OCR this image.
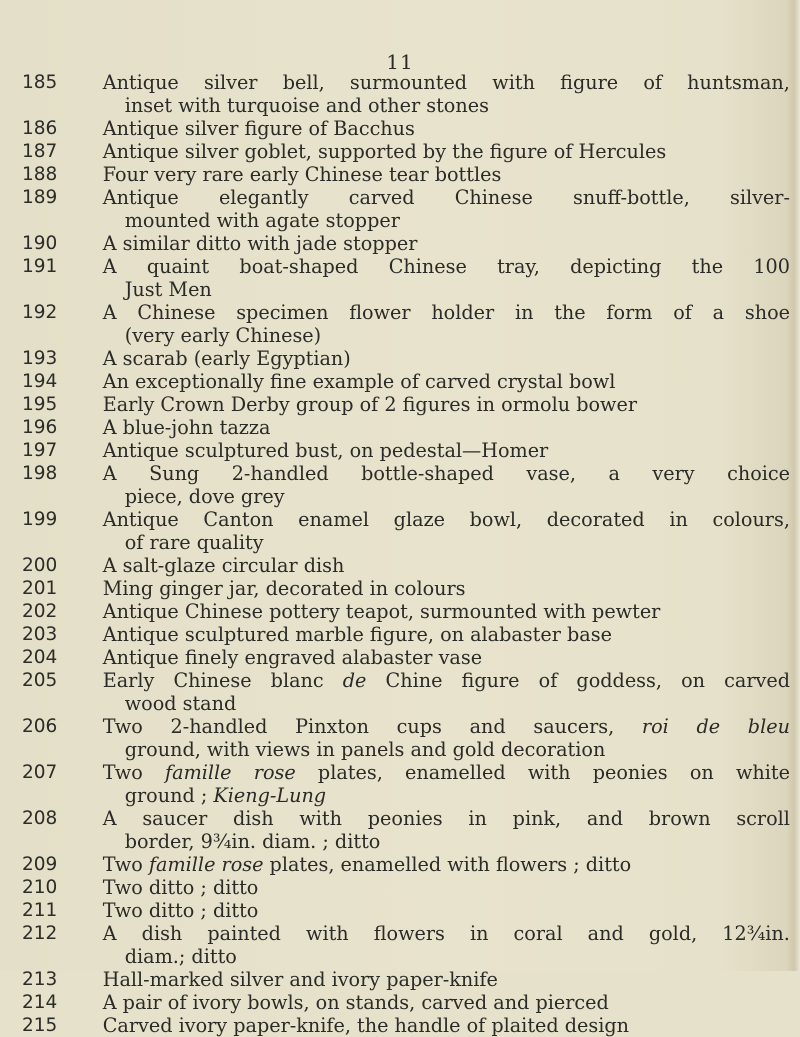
11
185	Antique silver bell, surmounted with figure of huntsman,
inset with turquoise and other stones
186	Antique silver figure of Bacchus
187	Antique silver goblet, supported by the figure of Hercules
188	Four very rare early Chinese tear bottles
189	Antique elegantly carved Chinese snuff-bottle, silver-
mounted with agate stopper
190	A similar ditto with jade stopper
191	A quaint boat-shaped Chinese tray, depicting the 100
Just Men
192	A Chinese specimen flower holder in the form of a shoe
(very early Chinese)
193	A scarab (early Egyptian)
194	An exceptionally fine example of carved crystal bowl
195	Early Crown Derby group of 2 figures in ormolu bower
196	A blue-john tazza
197	Antique sculptured bust, on pedestal—Homer
198	A Sung 2-handled bottle-shaped vase, a very choice
piece, dove grey
199	Antique Canton enamel glaze bowl, decorated in colours,
of rare quality
200	A salt-glaze circular dish
201	Ming ginger jar, decorated in colours
202	Antique Chinese pottery teapot, surmounted with pewter
203	Antique sculptured marble figure, on alabaster base
204	Antique finely engraved alabaster vase
205	Early Chinese blanc de Chine figure of goddess, on carved
wood stand
206	Two 2-handled Pinxton cups and saucers, roi de bleu
ground, with views in panels and gold decoration
207	Two famille rose plates, enamelled with peonies on white
ground ; Kieng-Lung
208	A saucer dish with peonies in pink, and brown scroll
border, 9¾in. diam. ; ditto
209	Two famille rose plates, enamelled with flowers ; ditto
210	Two ditto ; ditto
211	Two ditto ; ditto
212	A dish painted with flowers in coral and gold, 12¾in.
diam.; ditto
213	Hall-marked silver and ivory paper-knife
214	A pair of ivory bowls, on stands, carved and pierced
215	Carved ivory paper-knife, the handle of plaited design
